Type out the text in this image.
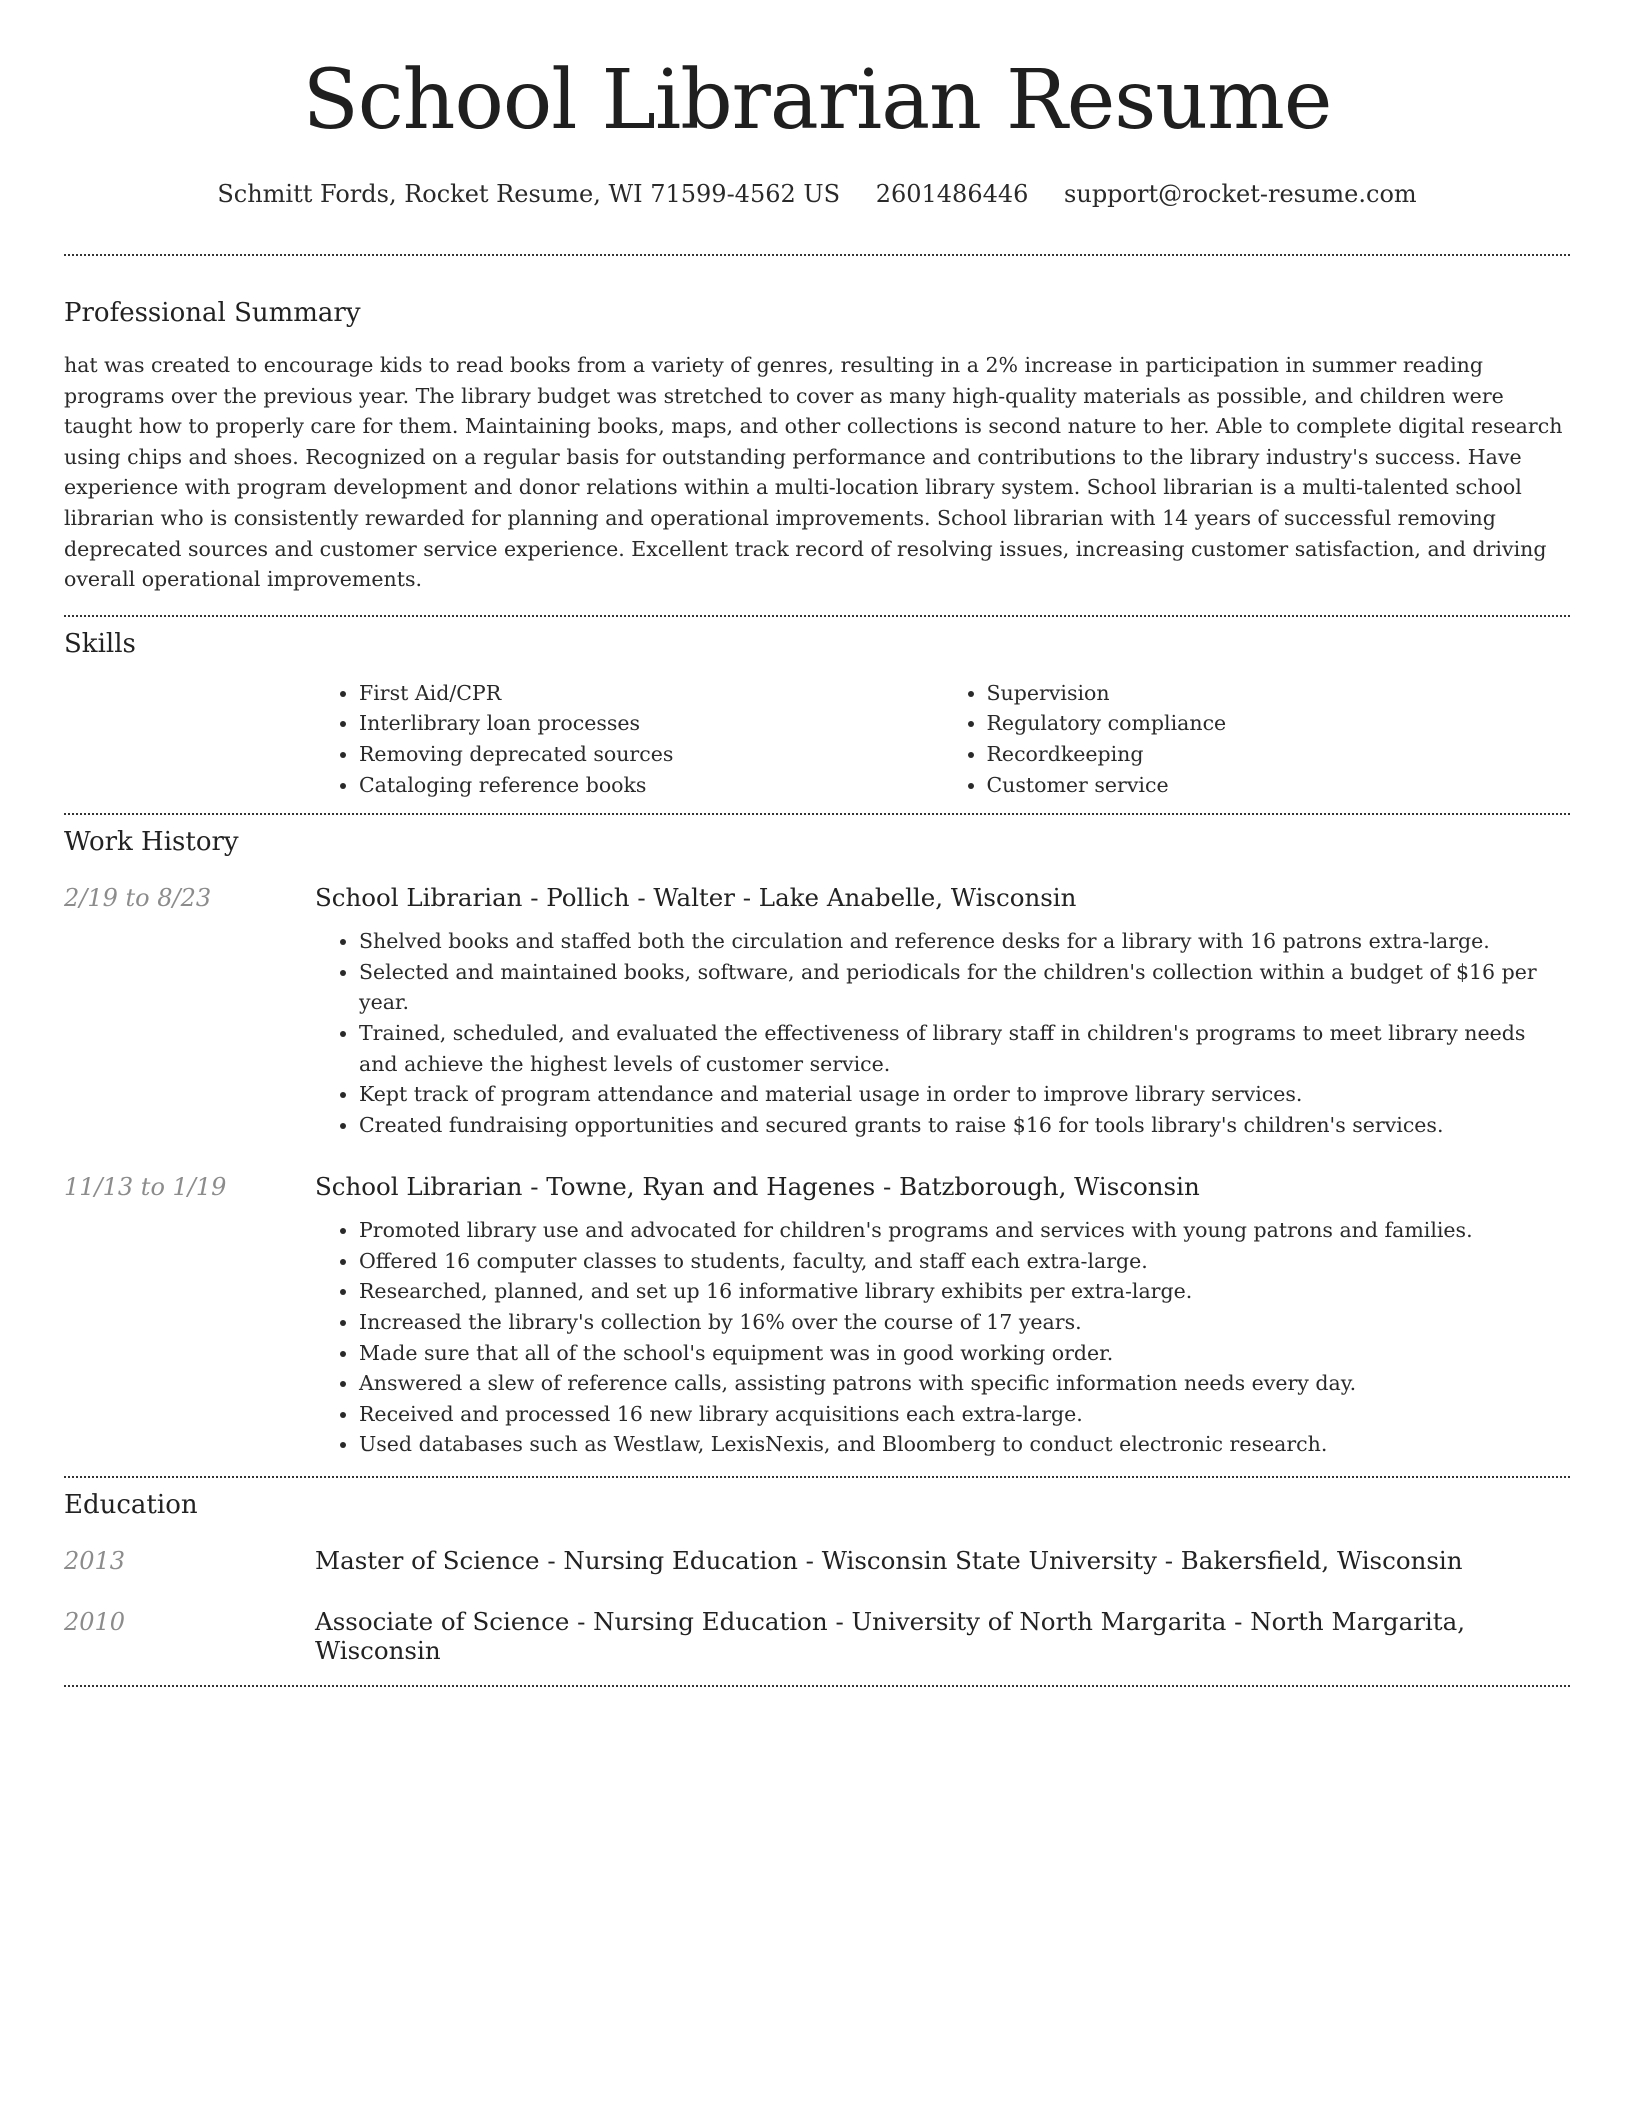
School Librarian Resume
Schmitt Fords, Rocket Resume, WI 71599-4562 US 2601486446 support@rocket-resume.com
Professional Summary

hat was created to encourage kids to read books from a variety of genres, resulting in a 2% increase in participation in summer reading programs over the previous year. The library budget was stretched to cover as many high-quality materials as possible, and children were taught how to properly care for them. Maintaining books, maps, and other collections is second nature to her. Able to complete digital research using chips and shoes. Recognized on a regular basis for outstanding performance and contributions to the library industry's success. Have experience with program development and donor relations within a multi-location library system. School librarian is a multi-talented school librarian who is consistently rewarded for planning and operational improvements. School librarian with 14 years of successful removing deprecated sources and customer service experience. Excellent track record of resolving issues, increasing customer satisfaction, and driving overall operational improvements.

Skills
• First Aid/CPR
• Interlibrary loan processes
• Removing deprecated sources
• Cataloging reference books
• Supervision
• Regulatory compliance
• Recordkeeping
• Customer service
Work History
2/19 to 8/23	School Librarian - Pollich - Walter - Lake Anabelle, Wisconsin
• Shelved books and staffed both the circulation and reference desks for a library with 16 patrons extra-large.
• Selected and maintained books, software, and periodicals for the children's collection within a budget of $16 per year.
• Trained, scheduled, and evaluated the effectiveness of library staff in children's programs to meet library needs and achieve the highest levels of customer service.
• Kept track of program attendance and material usage in order to improve library services.
• Created fundraising opportunities and secured grants to raise $16 for tools library's children's services.
11/13 to 1/19	School Librarian - Towne, Ryan and Hagenes - Batzborough, Wisconsin
• Promoted library use and advocated for children's programs and services with young patrons and families.
• Offered 16 computer classes to students, faculty, and staff each extra-large.
• Researched, planned, and set up 16 informative library exhibits per extra-large.
• Increased the library's collection by 16% over the course of 17 years.
• Made sure that all of the school's equipment was in good working order.
• Answered a slew of reference calls, assisting patrons with specific information needs every day.
• Received and processed 16 new library acquisitions each extra-large.
• Used databases such as Westlaw, LexisNexis, and Bloomberg to conduct electronic research.
Education
2013	Master of Science - Nursing Education - Wisconsin State University - Bakersfield, Wisconsin
2010	Associate of Science - Nursing Education - University of North Margarita - North Margarita, Wisconsin
